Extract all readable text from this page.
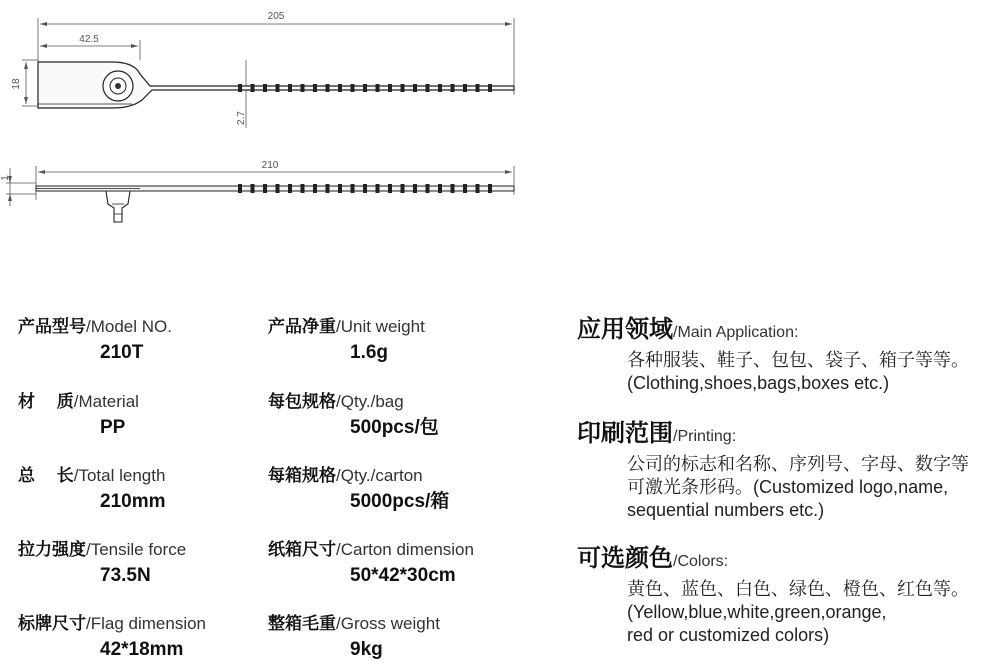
205
42.5
18
2.7
210
1
产品型号/Model NO.
210T
材　 质/Material
PP
总　 长/Total length
210mm
拉力强度/Tensile force
73.5N
标牌尺寸/Flag dimension
42*18mm
产品净重/Unit weight
1.6g
每包规格/Qty./bag
500pcs/包
每箱规格/Qty./carton
5000pcs/箱
纸箱尺寸/Carton dimension
50*42*30cm
整箱毛重/Gross weight
9kg
应用领域/Main Application:
各种服装、鞋子、包包、袋子、箱子等等。
(Clothing,shoes,bags,boxes etc.)
印刷范围/Printing:
公司的标志和名称、序列号、字母、数字等
可激光条形码。(Customized logo,name,
sequential numbers etc.)
可选颜色/Colors:
黄色、蓝色、白色、绿色、橙色、红色等。
(Yellow,blue,white,green,orange,
red or customized colors)
